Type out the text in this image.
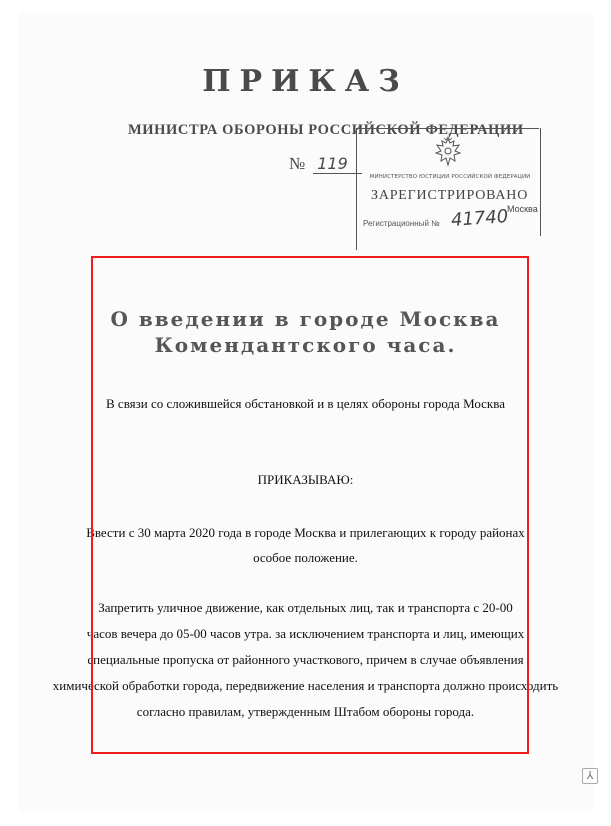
ПРИКАЗ
МИНИСТРА ОБОРОНЫ РОССИЙСКОЙ ФЕДЕРАЦИИ
№ 119
МИНИСТЕРСТВО ЮСТИЦИИ РОССИЙСКОЙ ФЕДЕРАЦИИ
ЗАРЕГИСТРИРОВАНО
Москва
Регистрационный № 41740
О введении в городе Москва
Комендантского часа.
В связи со сложившейся обстановкой и в целях обороны города Москва
ПРИКАЗЫВАЮ:
Ввести с 30 марта 2020 года в городе Москва и прилегающих к городу районах
особое положение.
Запретить уличное движение, как отдельных лиц, так и транспорта с 20-00
часов вечера до 05-00 часов утра. за исключением транспорта и лиц, имеющих
специальные пропуска от районного участкового, причем в случае объявления
химической обработки города, передвижение населения и транспорта должно происходить
согласно правилам, утвержденным Штабом обороны города.
⅄
